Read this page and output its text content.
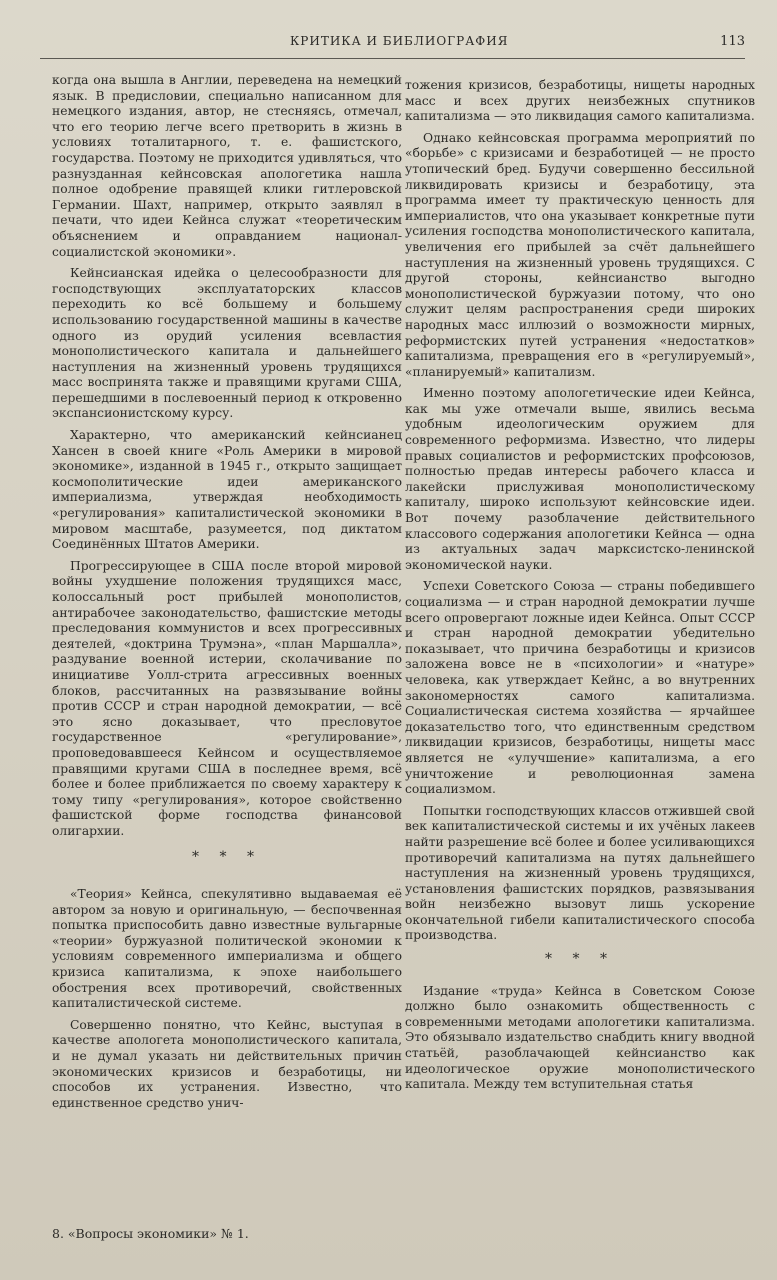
КРИТИКА И БИБЛИОГРАФИЯ	113

когда она вышла в Англии, переведена на немецкий язык. В предисловии, специально написанном для немецкого издания, автор, не стесняясь, отмечал, что его теорию легче всего претворить в жизнь в условиях тоталитарного, т. е. фашистского, государства. Поэтому не приходится удивляться, что разнузданная кейнсовская апологетика нашла полное одобрение правящей клики гитлеровской Германии. Шахт, например, открыто заявлял в печати, что идеи Кейнса служат «теоретическим объяснением и оправданием национал-социалистской экономики».

Кейнсианская идейка о целесообразности для господствующих эксплуататорских классов переходить ко всё большему и большему использованию государственной машины в качестве одного из орудий усиления всевластия монополистического капитала и дальнейшего наступления на жизненный уровень трудящихся масс воспринята также и правящими кругами США, перешедшими в послевоенный период к откровенно экспансионистскому курсу.

Характерно, что американский кейнсианец Хансен в своей книге «Роль Америки в мировой экономике», изданной в 1945 г., открыто защищает космополитические идеи американского империализма, утверждая необходимость «регулирования» капиталистической экономики в мировом масштабе, разумеется, под диктатом Соединённых Штатов Америки.

Прогрессирующее в США после второй мировой войны ухудшение положения трудящихся масс, колоссальный рост прибылей монополистов, антирабочее законодательство, фашистские методы преследования коммунистов и всех прогрессивных деятелей, «доктрина Трумэна», «план Маршалла», раздувание военной истерии, сколачивание по инициативе Уолл-стрита агрессивных военных блоков, рассчитанных на развязывание войны против СССР и стран народной демократии, — всё это ясно доказывает, что пресловутое государственное «регулирование», проповедовавшееся Кейнсом и осуществляемое правящими кругами США в последнее время, всё более и более приближается по своему характеру к тому типу «регулирования», которое свойственно фашистской форме господства финансовой олигархии.

* * *

«Теория» Кейнса, спекулятивно выдаваемая её автором за новую и оригинальную, — беспочвенная попытка приспособить давно известные вульгарные «теории» буржуазной политической экономии к условиям современного империализма и общего кризиса капитализма, к эпохе наибольшего обострения всех противоречий, свойственных капиталистической системе.

Совершенно понятно, что Кейнс, выступая в качестве апологета монополистического капитала, и не думал указать ни действительных причин экономических кризисов и безработицы, ни способов их устранения. Известно, что единственное средство унич-

тожения кризисов, безработицы, нищеты народных масс и всех других неизбежных спутников капитализма — это ликвидация самого капитализма.

Однако кейнсовская программа мероприятий по «борьбе» с кризисами и безработицей — не просто утопический бред. Будучи совершенно бессильной ликвидировать кризисы и безработицу, эта программа имеет ту практическую ценность для империалистов, что она указывает конкретные пути усиления господства монополистического капитала, увеличения его прибылей за счёт дальнейшего наступления на жизненный уровень трудящихся. С другой стороны, кейнсианство выгодно монополистической буржуазии потому, что оно служит целям распространения среди широких народных масс иллюзий о возможности мирных, реформистских путей устранения «недостатков» капитализма, превращения его в «регулируемый», «планируемый» капитализм.

Именно поэтому апологетические идеи Кейнса, как мы уже отмечали выше, явились весьма удобным идеологическим оружием для современного реформизма. Известно, что лидеры правых социалистов и реформистских профсоюзов, полностью предав интересы рабочего класса и лакейски прислуживая монополистическому капиталу, широко используют кейнсовские идеи. Вот почему разоблачение действительного классового содержания апологетики Кейнса — одна из актуальных задач марксистско-ленинской экономической науки.

Успехи Советского Союза — страны победившего социализма — и стран народной демократии лучше всего опровергают ложные идеи Кейнса. Опыт СССР и стран народной демократии убедительно показывает, что причина безработицы и кризисов заложена вовсе не в «психологии» и «натуре» человека, как утверждает Кейнс, а во внутренних закономерностях самого капитализма. Социалистическая система хозяйства — ярчайшее доказательство того, что единственным средством ликвидации кризисов, безработицы, нищеты масс является не «улучшение» капитализма, а его уничтожение и революционная замена социализмом.

Попытки господствующих классов отжившей свой век капиталистической системы и их учёных лакеев найти разрешение всё более и более усиливающихся противоречий капитализма на путях дальнейшего наступления на жизненный уровень трудящихся, установления фашистских порядков, развязывания войн неизбежно вызовут лишь ускорение окончательной гибели капиталистического способа производства.

* * *

Издание «труда» Кейнса в Советском Союзе должно было ознакомить общественность с современными методами апологетики капитализма. Это обязывало издательство снабдить книгу вводной статьёй, разоблачающей кейнсианство как идеологическое оружие монополистического капитала. Между тем вступительная статья

8. «Вопросы экономики» № 1.
